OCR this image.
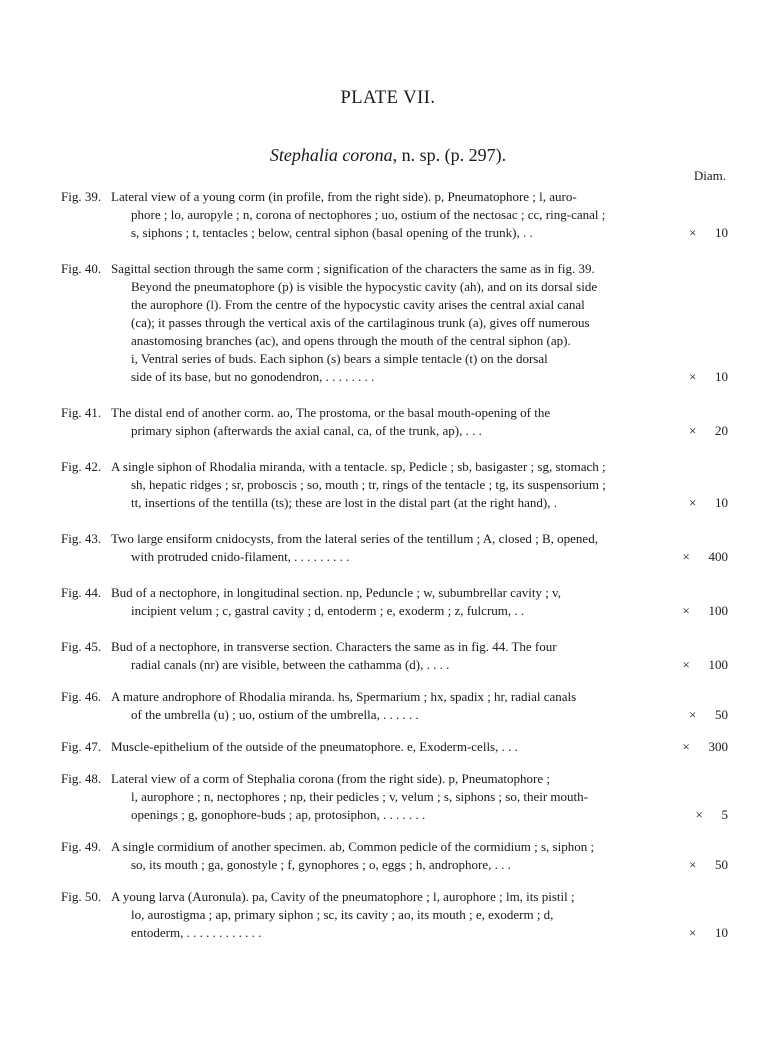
PLATE VII.
Stephalia corona, n. sp. (p. 297).
Diam.
Fig. 39. Lateral view of a young corm (in profile, from the right side). p, Pneumatophore ; l, auro-
phore ; lo, auropyle ; n, corona of nectophores ; uo, ostium of the nectosac ; cc, ring-canal ;
s, siphons ; t, tentacles ; below, central siphon (basal opening of the trunk), . .	× 10
Fig. 40. Sagittal section through the same corm ; signification of the characters the same as in fig. 39.
Beyond the pneumatophore (p) is visible the hypocystic cavity (ah), and on its dorsal side
the aurophore (l). From the centre of the hypocystic cavity arises the central axial canal
(ca); it passes through the vertical axis of the cartilaginous trunk (a), gives off numerous
anastomosing branches (ac), and opens through the mouth of the central siphon (ap).
i, Ventral series of buds. Each siphon (s) bears a simple tentacle (t) on the dorsal
side of its base, but no gonodendron, . . . . . . . .	× 10
Fig. 41. The distal end of another corm. ao, The prostoma, or the basal mouth-opening of the
primary siphon (afterwards the axial canal, ca, of the trunk, ap), . . .	× 20
Fig. 42. A single siphon of Rhodalia miranda, with a tentacle. sp, Pedicle ; sb, basigaster ; sg, stomach ;
sh, hepatic ridges ; sr, proboscis ; so, mouth ; tr, rings of the tentacle ; tg, its suspensorium ;
tt, insertions of the tentilla (ts); these are lost in the distal part (at the right hand), .	× 10
Fig. 43. Two large ensiform cnidocysts, from the lateral series of the tentillum ; A, closed ; B, opened,
with protruded cnido-filament, . . . . . . . . .	× 400
Fig. 44. Bud of a nectophore, in longitudinal section. np, Peduncle ; w, subumbrellar cavity ; v,
incipient velum ; c, gastral cavity ; d, entoderm ; e, exoderm ; z, fulcrum, . .	× 100
Fig. 45. Bud of a nectophore, in transverse section. Characters the same as in fig. 44. The four
radial canals (nr) are visible, between the cathamma (d), . . . .	× 100
Fig. 46. A mature androphore of Rhodalia miranda. hs, Spermarium ; hx, spadix ; hr, radial canals
of the umbrella (u) ; uo, ostium of the umbrella, . . . . . .	× 50
Fig. 47. Muscle-epithelium of the outside of the pneumatophore. e, Exoderm-cells, . . .	× 300
Fig. 48. Lateral view of a corm of Stephalia corona (from the right side). p, Pneumatophore ;
l, aurophore ; n, nectophores ; np, their pedicles ; v, velum ; s, siphons ; so, their mouth-
openings ; g, gonophore-buds ; ap, protosiphon, . . . . . . .	× 5
Fig. 49. A single cormidium of another specimen. ab, Common pedicle of the cormidium ; s, siphon ;
so, its mouth ; ga, gonostyle ; f, gynophores ; o, eggs ; h, androphore, . . .	× 50
Fig. 50. A young larva (Auronula). pa, Cavity of the pneumatophore ; l, aurophore ; lm, its pistil ;
lo, aurostigma ; ap, primary siphon ; sc, its cavity ; ao, its mouth ; e, exoderm ; d,
entoderm, . . . . . . . . . . . .	× 10
